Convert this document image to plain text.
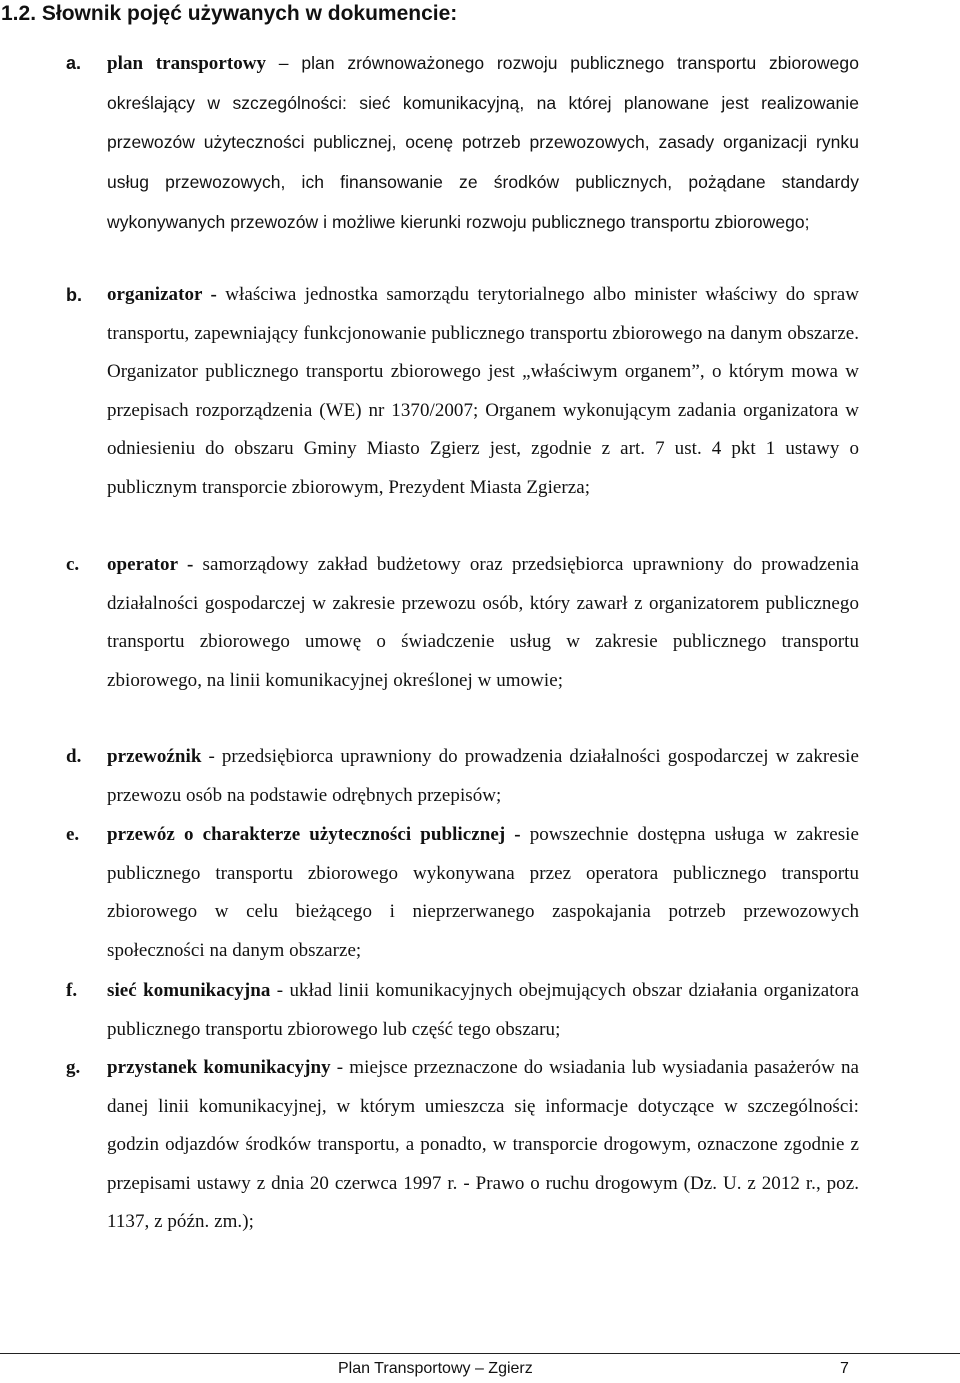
1.2. Słownik pojęć używanych w dokumencie:
a. plan transportowy – plan zrównoważonego rozwoju publicznego transportu zbiorowego określający w szczególności: sieć komunikacyjną, na której planowane jest realizowanie przewozów użyteczności publicznej, ocenę potrzeb przewozowych, zasady organizacji rynku usług przewozowych, ich finansowanie ze środków publicznych, pożądane standardy wykonywanych przewozów i możliwe kierunki rozwoju publicznego transportu zbiorowego;
b. organizator - właściwa jednostka samorządu terytorialnego albo minister właściwy do spraw transportu, zapewniający funkcjonowanie publicznego transportu zbiorowego na danym obszarze. Organizator publicznego transportu zbiorowego jest „właściwym organem”, o którym mowa w przepisach rozporządzenia (WE) nr 1370/2007; Organem wykonującym zadania organizatora w odniesieniu do obszaru Gminy Miasto Zgierz jest, zgodnie z art. 7 ust. 4 pkt 1 ustawy o publicznym transporcie zbiorowym, Prezydent Miasta Zgierza;
c. operator - samorządowy zakład budżetowy oraz przedsiębiorca uprawniony do prowadzenia działalności gospodarczej w zakresie przewozu osób, który zawarł z organizatorem publicznego transportu zbiorowego umowę o świadczenie usług w zakresie publicznego transportu zbiorowego, na linii komunikacyjnej określonej w umowie;
d. przewoźnik - przedsiębiorca uprawniony do prowadzenia działalności gospodarczej w zakresie przewozu osób na podstawie odrębnych przepisów;
e. przewóz o charakterze użyteczności publicznej - powszechnie dostępna usługa w zakresie publicznego transportu zbiorowego wykonywana przez operatora publicznego transportu zbiorowego w celu bieżącego i nieprzerwanego zaspokajania potrzeb przewozowych społeczności na danym obszarze;
f. sieć komunikacyjna - układ linii komunikacyjnych obejmujących obszar działania organizatora publicznego transportu zbiorowego lub część tego obszaru;
g. przystanek komunikacyjny - miejsce przeznaczone do wsiadania lub wysiadania pasażerów na danej linii komunikacyjnej, w którym umieszcza się informacje dotyczące w szczególności: godzin odjazdów środków transportu, a ponadto, w transporcie drogowym, oznaczone zgodnie z przepisami ustawy z dnia 20 czerwca 1997 r. - Prawo o ruchu drogowym (Dz. U. z 2012 r., poz. 1137, z późn. zm.);
Plan Transportowy – Zgierz	7
